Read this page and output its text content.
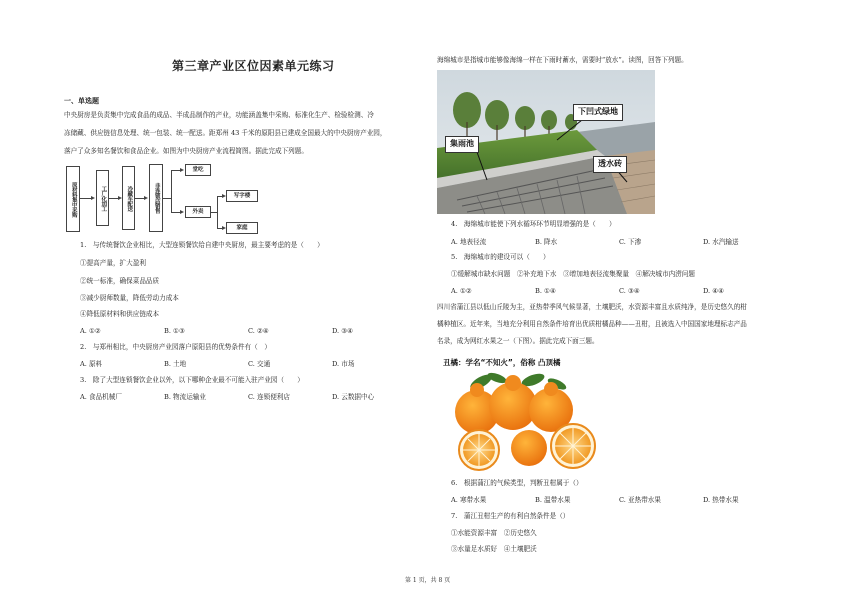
第三章产业区位因素单元练习
一、单选题
中央厨房是负责集中完成食品的成品、半成品制作的产业，功能涵盖集中采购、标准化生产、检验检测、冷
冻储藏、供应链信息处理、统一包装、统一配送。距郑州 43 千米的原阳县已建成全国最大的中央厨房产业园，
落户了众多知名餐饮和食品企业。如图为中央厨房产业流程简图。据此完成下列题。
原材料集中采购	工厂化加工	冷藏车配送	非连锁店销售
堂吃
外卖
写字楼
家庭
1.　与传统餐饮企业相比，大型连锁餐饮给自建中央厨房，最主要考虑的是（　　）
①提高产量，扩大盈利
②统一标准，确保菜品品质
③减少厨师数量，降低劳动力成本
④降低原材料和供应链成本
A. ①②	B. ①③	C. ②④	D. ③④
2.　与郑州相比，中央厨房产业园落户原阳县的优势条件有（　）
A. 原料	B. 土地	C. 交通	D. 市场
3.　除了大型连锁餐饮企业以外，以下哪种企业最不可能入驻产业园（　　）
A. 食品机械厂	B. 物流运输业	C. 连锁便利店	D. 云数据中心
海绵城市是指城市能够像海绵一样在下雨时蓄水，需要时“放水”。读图，回答下列题。
下凹式绿地
集雨池
透水砖
4.　海绵城市能使下列水循环环节明显增强的是（　　）
A. 地表径流	B. 降水	C. 下渗	D. 水汽输送
5.　海绵城市的建设可以（　　）
①缓解城市缺水问题　②补充地下水　③增加地表径流集聚量　④解决城市内涝问题
A. ①②	B. ①④	C. ③④	D. ④④
四川省蒲江县以低山丘陵为主，亚热带季风气候显著，土壤肥沃，水资源丰富且水质纯净，是历史悠久的柑
橘种植区。近年来，当地充分利用自然条件培育出优质柑橘品种——丑柑，且被选入中国国家地理标志产品
名录，成为网红水果之一（下图）。据此完成下面三题。
丑橘：学名“不知火”，俗称 凸顶橘
6.　根据蒲江的气候类型，判断丑柑属于（）
A. 寒带水果	B. 温带水果	C. 亚热带水果	D. 热带水果
7.　蒲江丑柑生产的有利自然条件是（）
①水能资源丰富　②历史悠久
③水量足水质好　④土壤肥沃
第 1 页，共 8 页
